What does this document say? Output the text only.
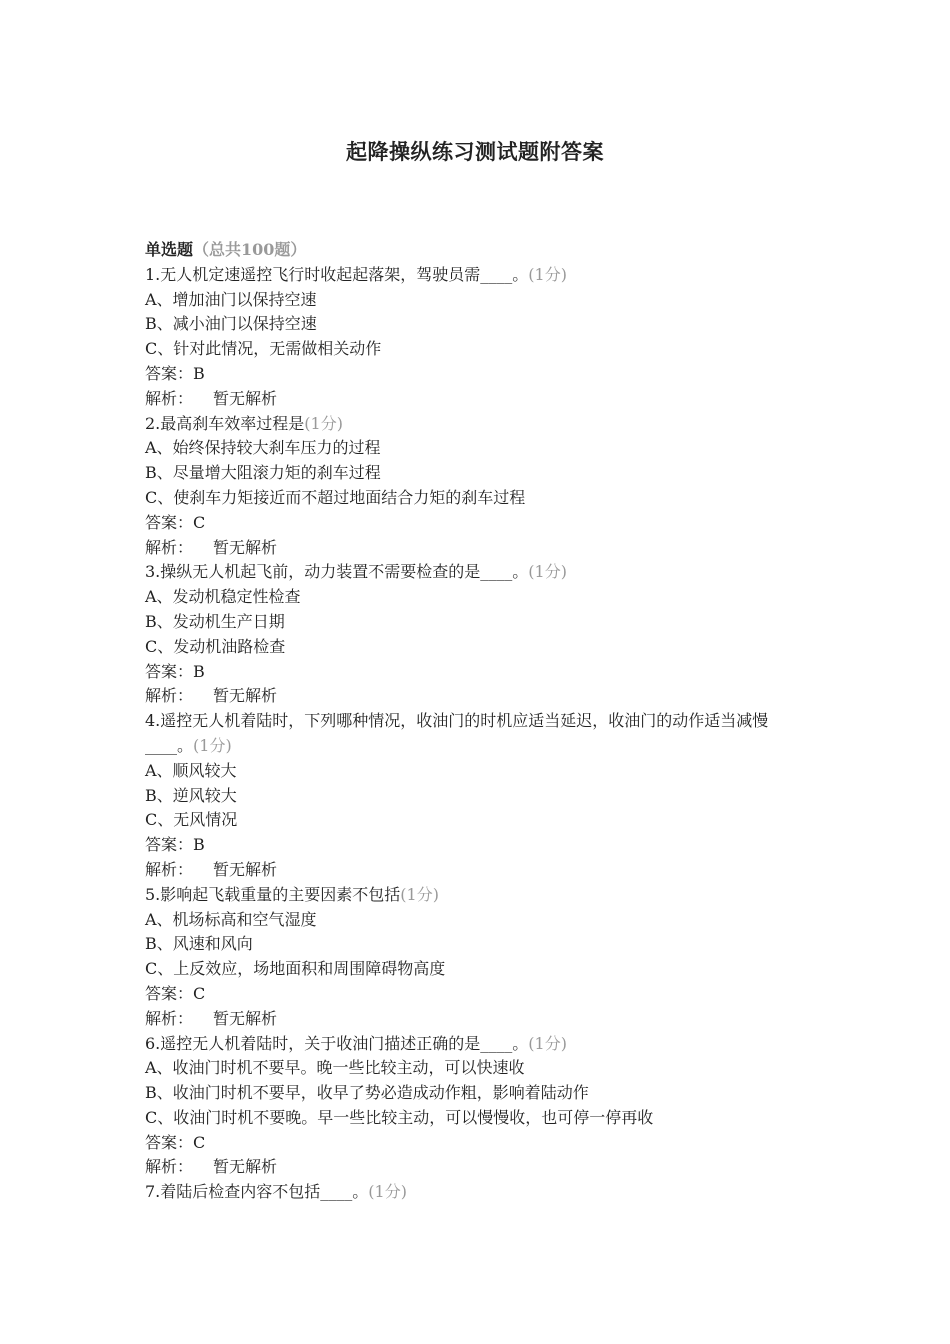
起降操纵练习测试题附答案

单选题（总共100题）

1.无人机定速遥控飞行时收起起落架，驾驶员需____。(1分)

A、增加油门以保持空速

B、减小油门以保持空速

C、针对此情况，无需做相关动作

答案：B

解析： 暂无解析

2.最高刹车效率过程是(1分)

A、始终保持较大刹车压力的过程

B、尽量增大阻滚力矩的刹车过程

C、使刹车力矩接近而不超过地面结合力矩的刹车过程

答案：C

解析： 暂无解析

3.操纵无人机起飞前，动力装置不需要检查的是____。(1分)

A、发动机稳定性检查

B、发动机生产日期

C、发动机油路检查

答案：B

解析： 暂无解析

4.遥控无人机着陆时，下列哪种情况，收油门的时机应适当延迟，收油门的动作适当减慢____。(1分)

A、顺风较大

B、逆风较大

C、无风情况

答案：B

解析： 暂无解析

5.影响起飞载重量的主要因素不包括(1分)

A、机场标高和空气湿度

B、风速和风向

C、上反效应，场地面积和周围障碍物高度

答案：C

解析： 暂无解析

6.遥控无人机着陆时，关于收油门描述正确的是____。(1分)

A、收油门时机不要早。晚一些比较主动，可以快速收

B、收油门时机不要早，收早了势必造成动作粗，影响着陆动作

C、收油门时机不要晚。早一些比较主动，可以慢慢收，也可停一停再收

答案：C

解析： 暂无解析

7.着陆后检查内容不包括____。(1分)
